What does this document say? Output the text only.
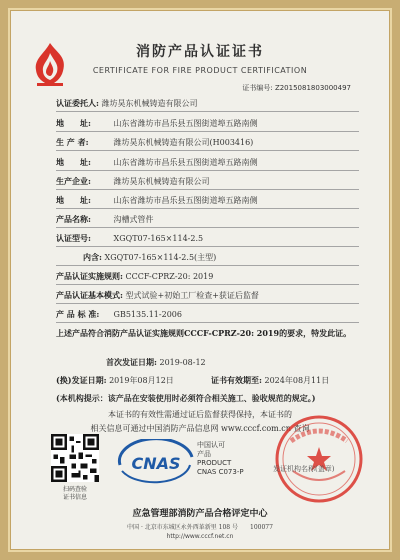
消防产品认证证书
CERTIFICATE FOR FIRE PRODUCT CERTIFICATION
证书编号: Z2015081803000497
认证委托人: 潍坊昊东机械铸造有限公司
地　　址:	山东省潍坊市昌乐县五图街道埠五路南侧
生 产 者:	潍坊昊东机械铸造有限公司(H003416)
地　　址:	山东省潍坊市昌乐县五图街道埠五路南侧
生产企业:	潍坊昊东机械铸造有限公司
地　　址:	山东省潍坊市昌乐县五图街道埠五路南侧
产品名称:	沟槽式管件
认证型号:	XGQT07-165×114-2.5
内含: XGQT07-165×114-2.5(主型)
产品认证实施规则: CCCF-CPRZ-20: 2019
产品认证基本模式: 型式试验+初始工厂检查+获证后监督
产 品 标 准: GB5135.11-2006
上述产品符合消防产品认证实施规则CCCF-CPRZ-20: 2019的要求，特发此证。
首次发证日期: 2019-08-12
(换)发证日期: 2019年08月12日	证书有效期至: 2024年08月11日
(本机构提示：该产品在安装使用时必须符合相关施工、验收规范的规定。)
本证书的有效性需通过证后监督获得保持，本证书的
相关信息可通过中国消防产品信息网 www.cccf.com.cn 查询
扫码查验
证书信息
CNAS
中国认可
产品
PRODUCT
CNAS C073-P	发证机构名称(盖章)
应急管理部消防产品合格评定中心
中国 · 北京市东城区永外西革新里 108 号　　100077
http://www.cccf.net.cn
